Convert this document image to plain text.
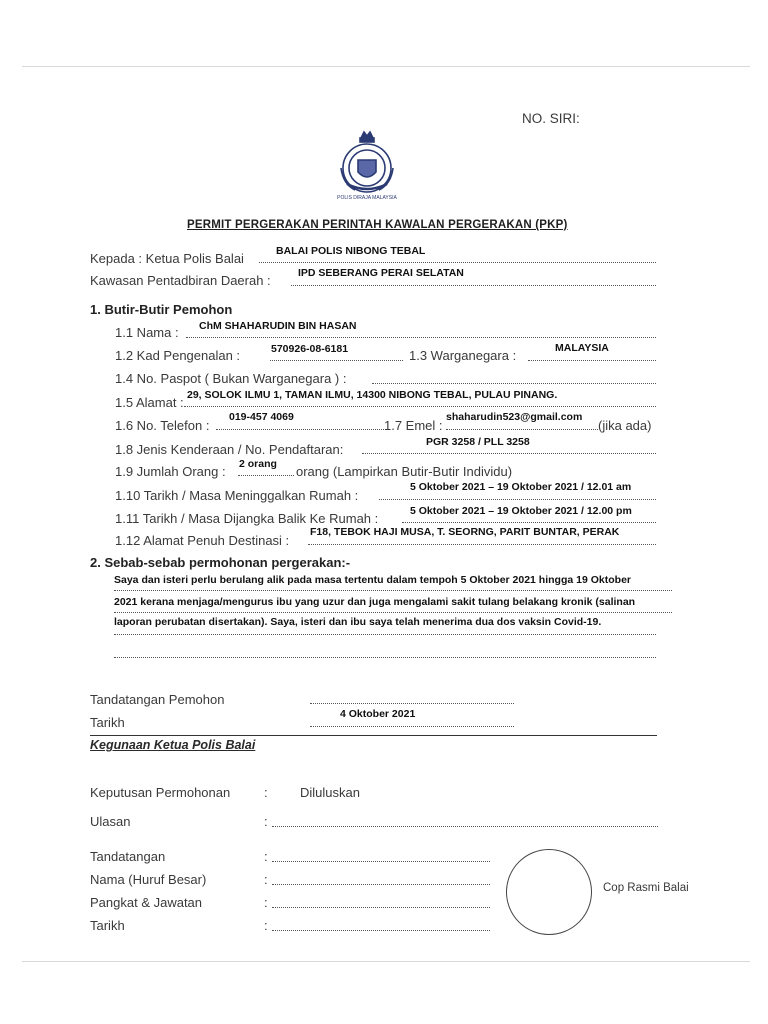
NO. SIRI:
POLIS DIRAJA MALAYSIA
PERMIT PERGERAKAN PERINTAH KAWALAN PERGERAKAN (PKP)
Kepada : Ketua Polis Balai	BALAI POLIS NIBONG TEBAL
Kawasan Pentadbiran Daerah :	IPD SEBERANG PERAI SELATAN
1. Butir-Butir Pemohon
1.1 Nama : ChM SHAHARUDIN BIN HASAN
1.2 Kad Pengenalan :	570926-08-6181	1.3 Warganegara :	MALAYSIA
1.4 No. Paspot ( Bukan Warganegara ) :
1.5 Alamat : 29, SOLOK ILMU 1, TAMAN ILMU, 14300 NIBONG TEBAL, PULAU PINANG.
1.6 No. Telefon :
019-457 4069
1.7 Emel :
shaharudin523@gmail.com
(jika ada)
1.8 Jenis Kenderaan / No. Pendaftaran:	PGR 3258 / PLL 3258
1.9 Jumlah Orang : 2 orang orang (Lampirkan Butir-Butir Individu)
1.10 Tarikh / Masa Meninggalkan Rumah :
5 Oktober 2021 – 19 Oktober 2021 / 12.01 am
1.11 Tarikh / Masa Dijangka Balik Ke Rumah :	5 Oktober 2021 – 19 Oktober 2021 / 12.00 pm
1.12 Alamat Penuh Destinasi :
F18, TEBOK HAJI MUSA, T. SEORNG, PARIT BUNTAR, PERAK
2. Sebab-sebab permohonan pergerakan:-
Saya dan isteri perlu berulang alik pada masa tertentu dalam tempoh 5 Oktober 2021 hingga 19 Oktober
2021 kerana menjaga/mengurus ibu yang uzur dan juga mengalami sakit tulang belakang kronik (salinan
laporan perubatan disertakan). Saya, isteri dan ibu saya telah menerima dua dos vaksin Covid-19.
Tandatangan Pemohon
Tarikh
4 Oktober 2021
Kegunaan Ketua Polis Balai
Keputusan Permohonan	: Diluluskan
Ulasan	:
Tandatangan	:
Nama (Huruf Besar)	:
Pangkat & Jawatan	:
Tarikh	:
Cop Rasmi Balai
